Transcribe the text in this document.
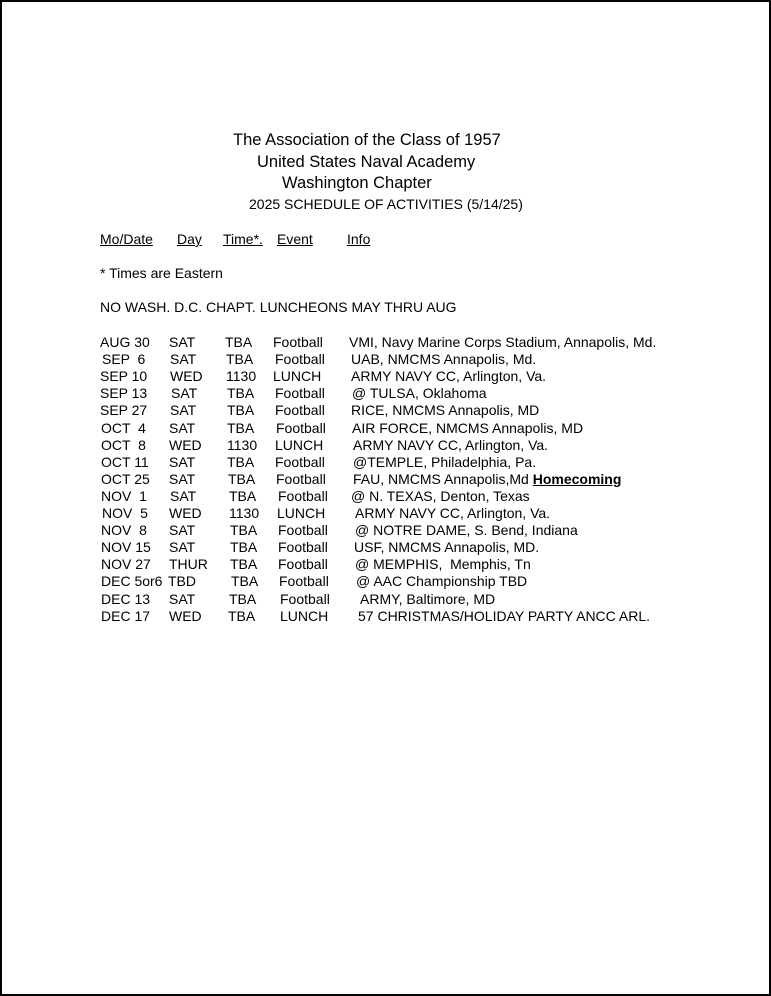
The Association of the Class of 1957
United States Naval Academy
Washington Chapter
2025 SCHEDULE OF ACTIVITIES (5/14/25)
Mo/Date Day Time*. Event Info
* Times are Eastern
NO WASH. D.C. CHAPT. LUNCHEONS MAY THRU AUG
AUG 30 SAT TBA Football VMI, Navy Marine Corps Stadium, Annapolis, Md.
SEP  6 SAT TBA Football UAB, NMCMS Annapolis, Md.
SEP 10 WED 1130 LUNCH ARMY NAVY CC, Arlington, Va.
SEP 13 SAT TBA Football @ TULSA, Oklahoma
SEP 27 SAT TBA Football RICE, NMCMS Annapolis, MD
OCT  4 SAT TBA Football AIR FORCE, NMCMS Annapolis, MD
OCT  8 WED 1130 LUNCH ARMY NAVY CC, Arlington, Va.
OCT 11 SAT TBA Football @TEMPLE, Philadelphia, Pa.
OCT 25 SAT TBA Football FAU, NMCMS Annapolis,Md Homecoming
NOV  1 SAT TBA Football @ N. TEXAS, Denton, Texas
NOV  5 WED 1130 LUNCH ARMY NAVY CC, Arlington, Va.
NOV  8 SAT TBA Football @ NOTRE DAME, S. Bend, Indiana
NOV 15 SAT TBA Football USF, NMCMS Annapolis, MD.
NOV 27 THUR TBA Football @ MEMPHIS,  Memphis, Tn
DEC 5or6 TBD	TBA Football @ AAC Championship TBD
DEC 13 SAT TBA Football ARMY, Baltimore, MD
DEC 17 WED TBA LUNCH 57 CHRISTMAS/HOLIDAY PARTY ANCC ARL.
